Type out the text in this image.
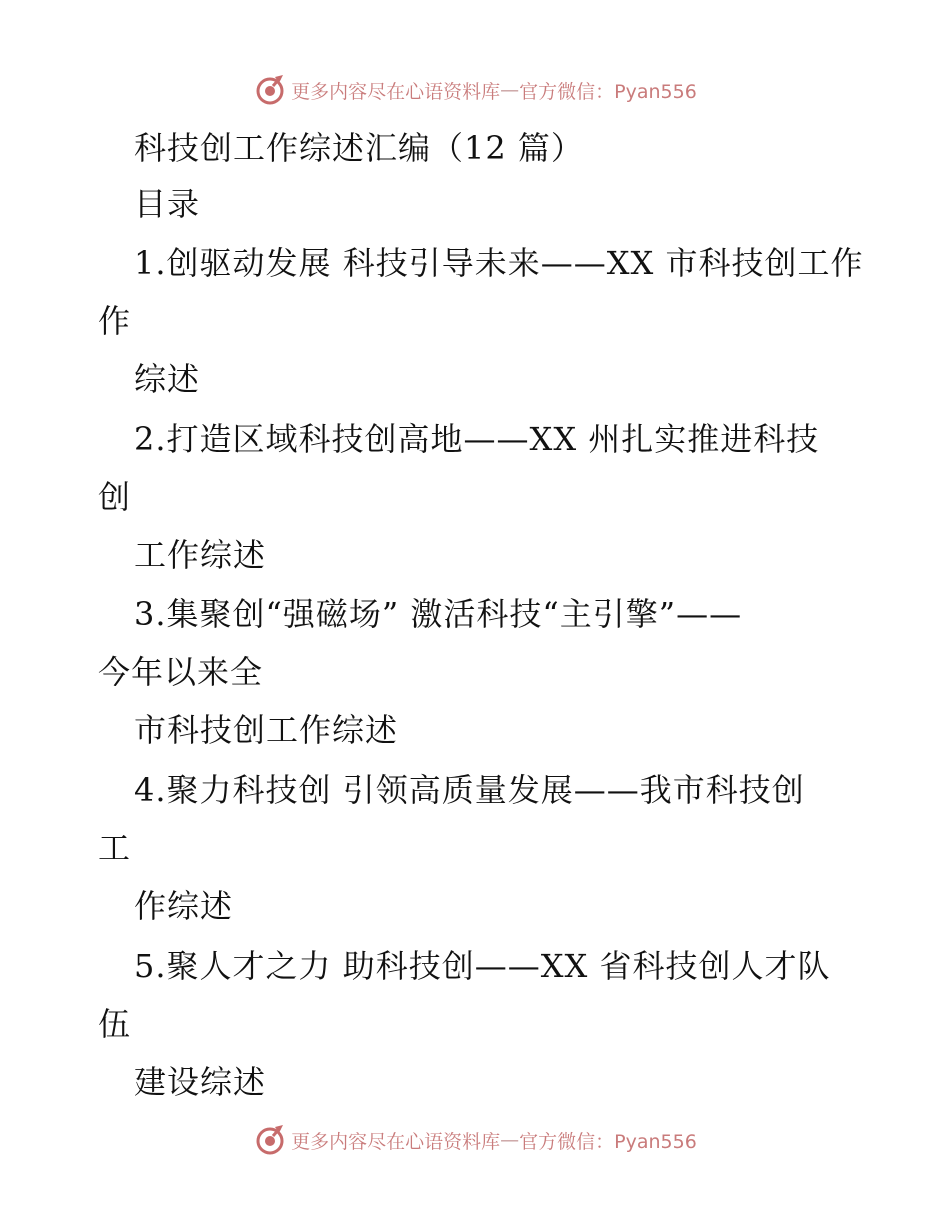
更多内容尽在心语资料库 — 官方微信：Pyan556
科技创工作综述汇编（12 篇）
目录
1.创驱动发展 科技引导未来——XX 市科技创工作
作
综述
2.打造区域科技创高地——XX 州扎实推进科技
创
工作综述
3.集聚创“强磁场” 激活科技“主引擎”——
今年以来全
市科技创工作综述
4.聚力科技创 引领高质量发展——我市科技创
工
作综述
5.聚人才之力 助科技创——XX 省科技创人才队
伍
建设综述
更多内容尽在心语资料库 — 官方微信：Pyan556
